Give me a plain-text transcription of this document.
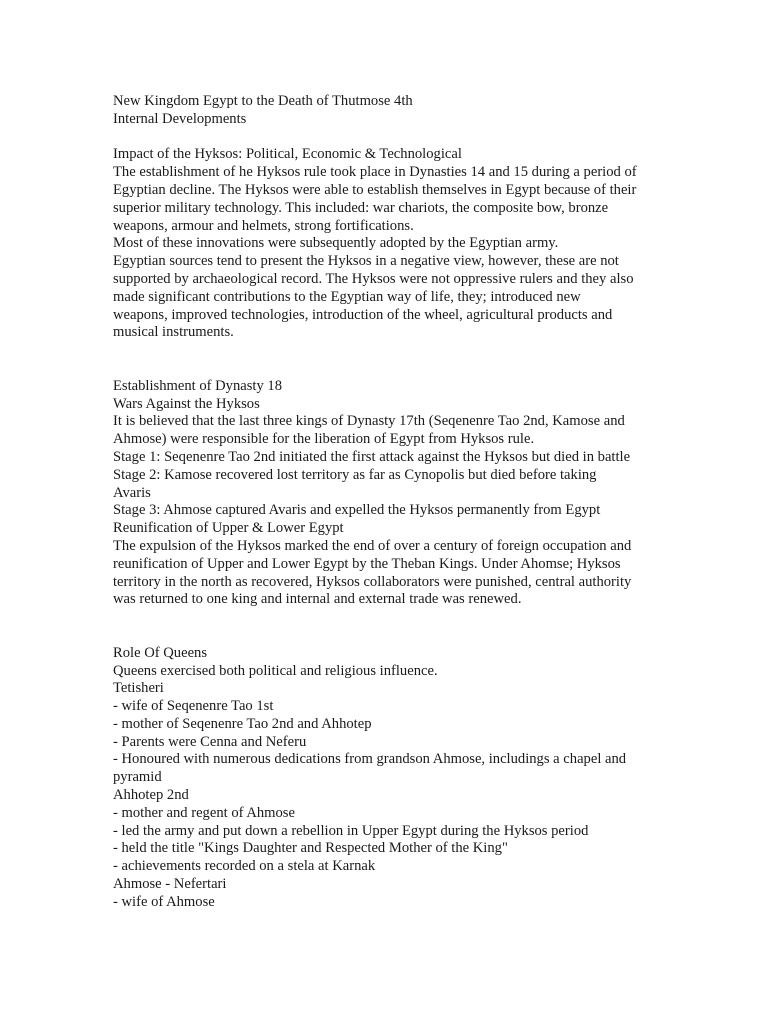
New Kingdom Egypt to the Death of Thutmose 4th
Internal Developments
Impact of the Hyksos: Political, Economic & Technological
The establishment of he Hyksos rule took place in Dynasties 14 and 15 during a period of
Egyptian decline. The Hyksos were able to establish themselves in Egypt because of their
superior military technology. This included: war chariots, the composite bow, bronze
weapons, armour and helmets, strong fortifications.
Most of these innovations were subsequently adopted by the Egyptian army.
Egyptian sources tend to present the Hyksos in a negative view, however, these are not
supported by archaeological record. The Hyksos were not oppressive rulers and they also
made significant contributions to the Egyptian way of life, they; introduced new
weapons, improved technologies, introduction of the wheel, agricultural products and
musical instruments.
Establishment of Dynasty 18
Wars Against the Hyksos
It is believed that the last three kings of Dynasty 17th (Seqenenre Tao 2nd, Kamose and
Ahmose) were responsible for the liberation of Egypt from Hyksos rule.
Stage 1: Seqenenre Tao 2nd initiated the first attack against the Hyksos but died in battle
Stage 2: Kamose recovered lost territory as far as Cynopolis but died before taking
Avaris
Stage 3: Ahmose captured Avaris and expelled the Hyksos permanently from Egypt
Reunification of Upper & Lower Egypt
The expulsion of the Hyksos marked the end of over a century of foreign occupation and
reunification of Upper and Lower Egypt by the Theban Kings. Under Ahomse; Hyksos
territory in the north as recovered, Hyksos collaborators were punished, central authority
was returned to one king and internal and external trade was renewed.
Role Of Queens
Queens exercised both political and religious influence.
Tetisheri
- wife of Seqenenre Tao 1st
- mother of Seqenenre Tao 2nd and Ahhotep
- Parents were Cenna and Neferu
- Honoured with numerous dedications from grandson Ahmose, includings a chapel and
pyramid
Ahhotep 2nd
- mother and regent of Ahmose
- led the army and put down a rebellion in Upper Egypt during the Hyksos period
- held the title "Kings Daughter and Respected Mother of the King"
- achievements recorded on a stela at Karnak
Ahmose - Nefertari
- wife of Ahmose
